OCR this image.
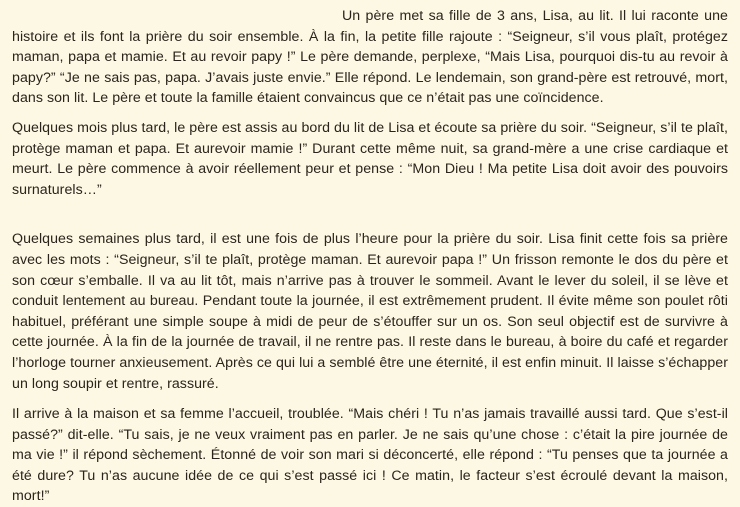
Un père met sa fille de 3 ans, Lisa, au lit. Il lui raconte une histoire et ils font la prière du soir ensemble. À la fin, la petite fille rajoute : “Seigneur, s’il vous plaît, protégez maman, papa et mamie. Et au revoir papy !” Le père demande, perplexe, “Mais Lisa, pourquoi dis-tu au revoir à papy?” “Je ne sais pas, papa. J’avais juste envie.” Elle répond. Le lendemain, son grand-père est retrouvé, mort, dans son lit. Le père et toute la famille étaient convaincus que ce n’était pas une coïncidence.

Quelques mois plus tard, le père est assis au bord du lit de Lisa et écoute sa prière du soir. “Seigneur, s’il te plaît, protège maman et papa. Et aurevoir mamie !” Durant cette même nuit, sa grand-mère a une crise cardiaque et meurt. Le père commence à avoir réellement peur et pense : “Mon Dieu ! Ma petite Lisa doit avoir des pouvoirs surnaturels…”

Quelques semaines plus tard, il est une fois de plus l’heure pour la prière du soir. Lisa finit cette fois sa prière avec les mots : “Seigneur, s’il te plaît, protège maman. Et aurevoir papa !” Un frisson remonte le dos du père et son cœur s’emballe. Il va au lit tôt, mais n’arrive pas à trouver le sommeil. Avant le lever du soleil, il se lève et conduit lentement au bureau. Pendant toute la journée, il est extrêmement prudent. Il évite même son poulet rôti habituel, préférant une simple soupe à midi de peur de s’étouffer sur un os. Son seul objectif est de survivre à cette journée. À la fin de la journée de travail, il ne rentre pas. Il reste dans le bureau, à boire du café et regarder l’horloge tourner anxieusement. Après ce qui lui a semblé être une éternité, il est enfin minuit. Il laisse s’échapper un long soupir et rentre, rassuré.

Il arrive à la maison et sa femme l’accueil, troublée. “Mais chéri ! Tu n’as jamais travaillé aussi tard. Que s’est-il passé?” dit-elle. “Tu sais, je ne veux vraiment pas en parler. Je ne sais qu’une chose : c’était la pire journée de ma vie !” il répond sèchement. Étonné de voir son mari si déconcerté, elle répond : “Tu penses que ta journée a été dure? Tu n’as aucune idée de ce qui s’est passé ici ! Ce matin, le facteur s’est écroulé devant la maison, mort!”
